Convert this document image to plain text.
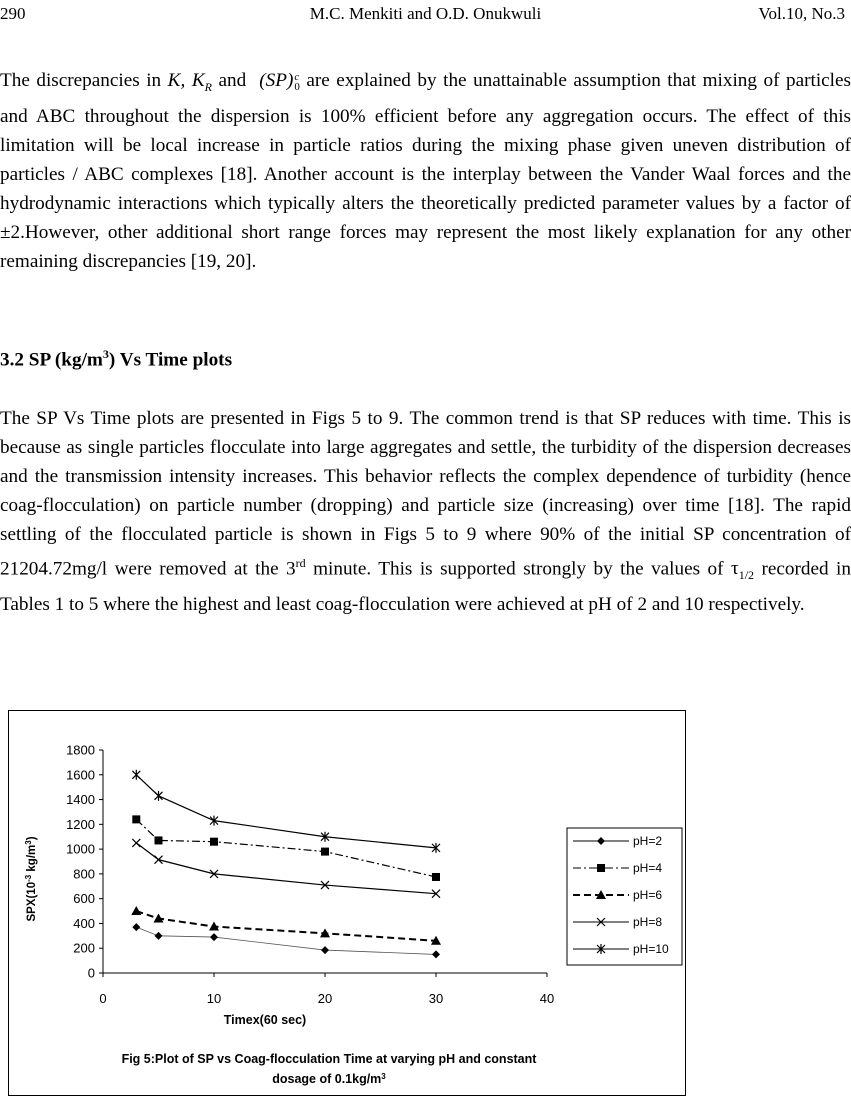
290	M.C. Menkiti and O.D. Onukwuli	Vol.10, No.3

The discrepancies in K, $K_R$ and  (SP) c
0 are explained by the unattainable assumption that mixing of particles and ABC throughout the dispersion is 100% efficient before any aggregation occurs. The effect of this limitation will be local increase in particle ratios during the mixing phase given uneven distribution of particles / ABC complexes [18]. Another account is the interplay between the Vander Waal forces and the hydrodynamic interactions which typically alters the theoretically predicted parameter values by a factor of ±2.However, other additional short range forces may represent the most likely explanation for any other remaining discrepancies [19, 20].

3.2 SP $(kg/m^3)$ Vs Time plots

The SP Vs Time plots are presented in Figs 5 to 9. The common trend is that SP reduces with time. This is because as single particles flocculate into large aggregates and settle, the turbidity of the dispersion decreases and the transmission intensity increases. This behavior reflects the complex dependence of turbidity (hence coag-flocculation) on particle number (dropping) and particle size (increasing) over time [18]. The rapid settling of the flocculated particle is shown in Figs 5 to 9 where 90% of the initial SP concentration of 21204.72mg/l were removed at the 3rd minute. This is supported strongly by the values of $\tau_{1/2}$ recorded in Tables 1 to 5 where the highest and least coag-flocculation were achieved at pH of 2 and 10 respectively.

0
200
400
600
800
1000
1200
1400
1600
1800
0	10	20	30	40
Timex(60 sec)
$SPX(10^{-3}$ $kg/m^3$)	pH=2
pH=4
pH=6
pH=8
pH=10
Fig 5:Plot of SP vs Coag-flocculation Time at varying pH and constant
dosage of $0.1kg/m^3$
